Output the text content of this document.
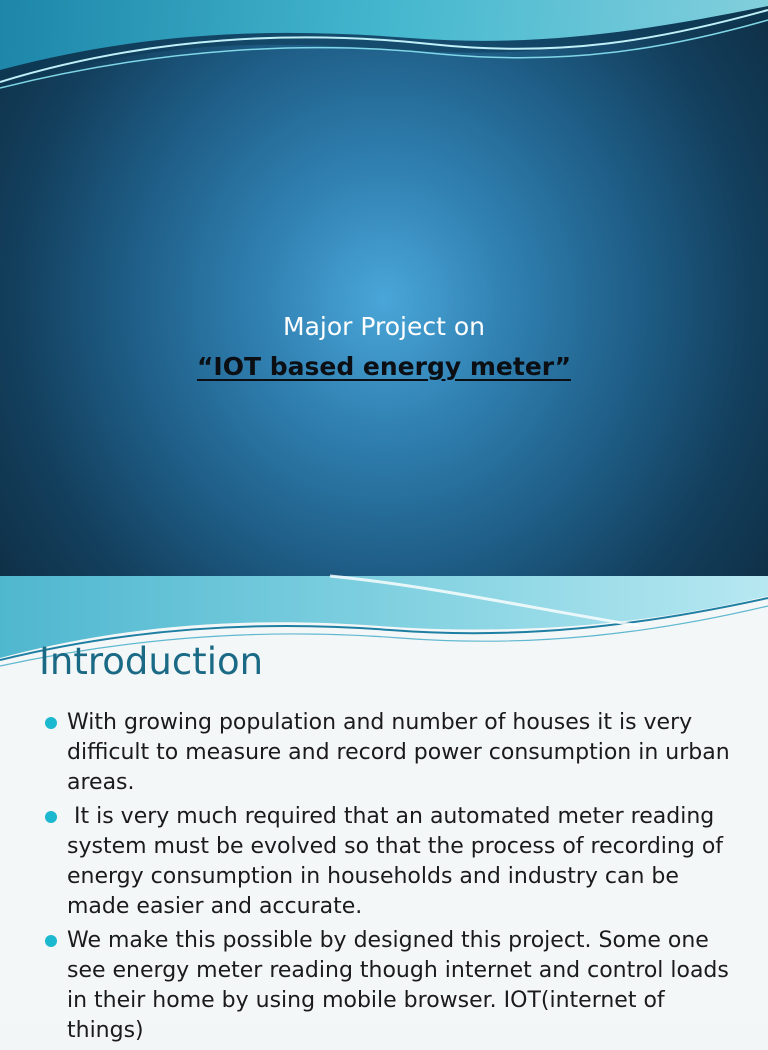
Major Project on
“IOT based energy meter”
Introduction
With growing population and number of houses it is very difficult to measure and record power consumption in urban areas.
It is very much required that an automated meter reading system must be evolved so that the process of recording of energy consumption in households and industry can be made easier and accurate.
We make this possible by designed this project. Some one see energy meter reading though internet and control loads in their home by using mobile browser. IOT(internet of things)
